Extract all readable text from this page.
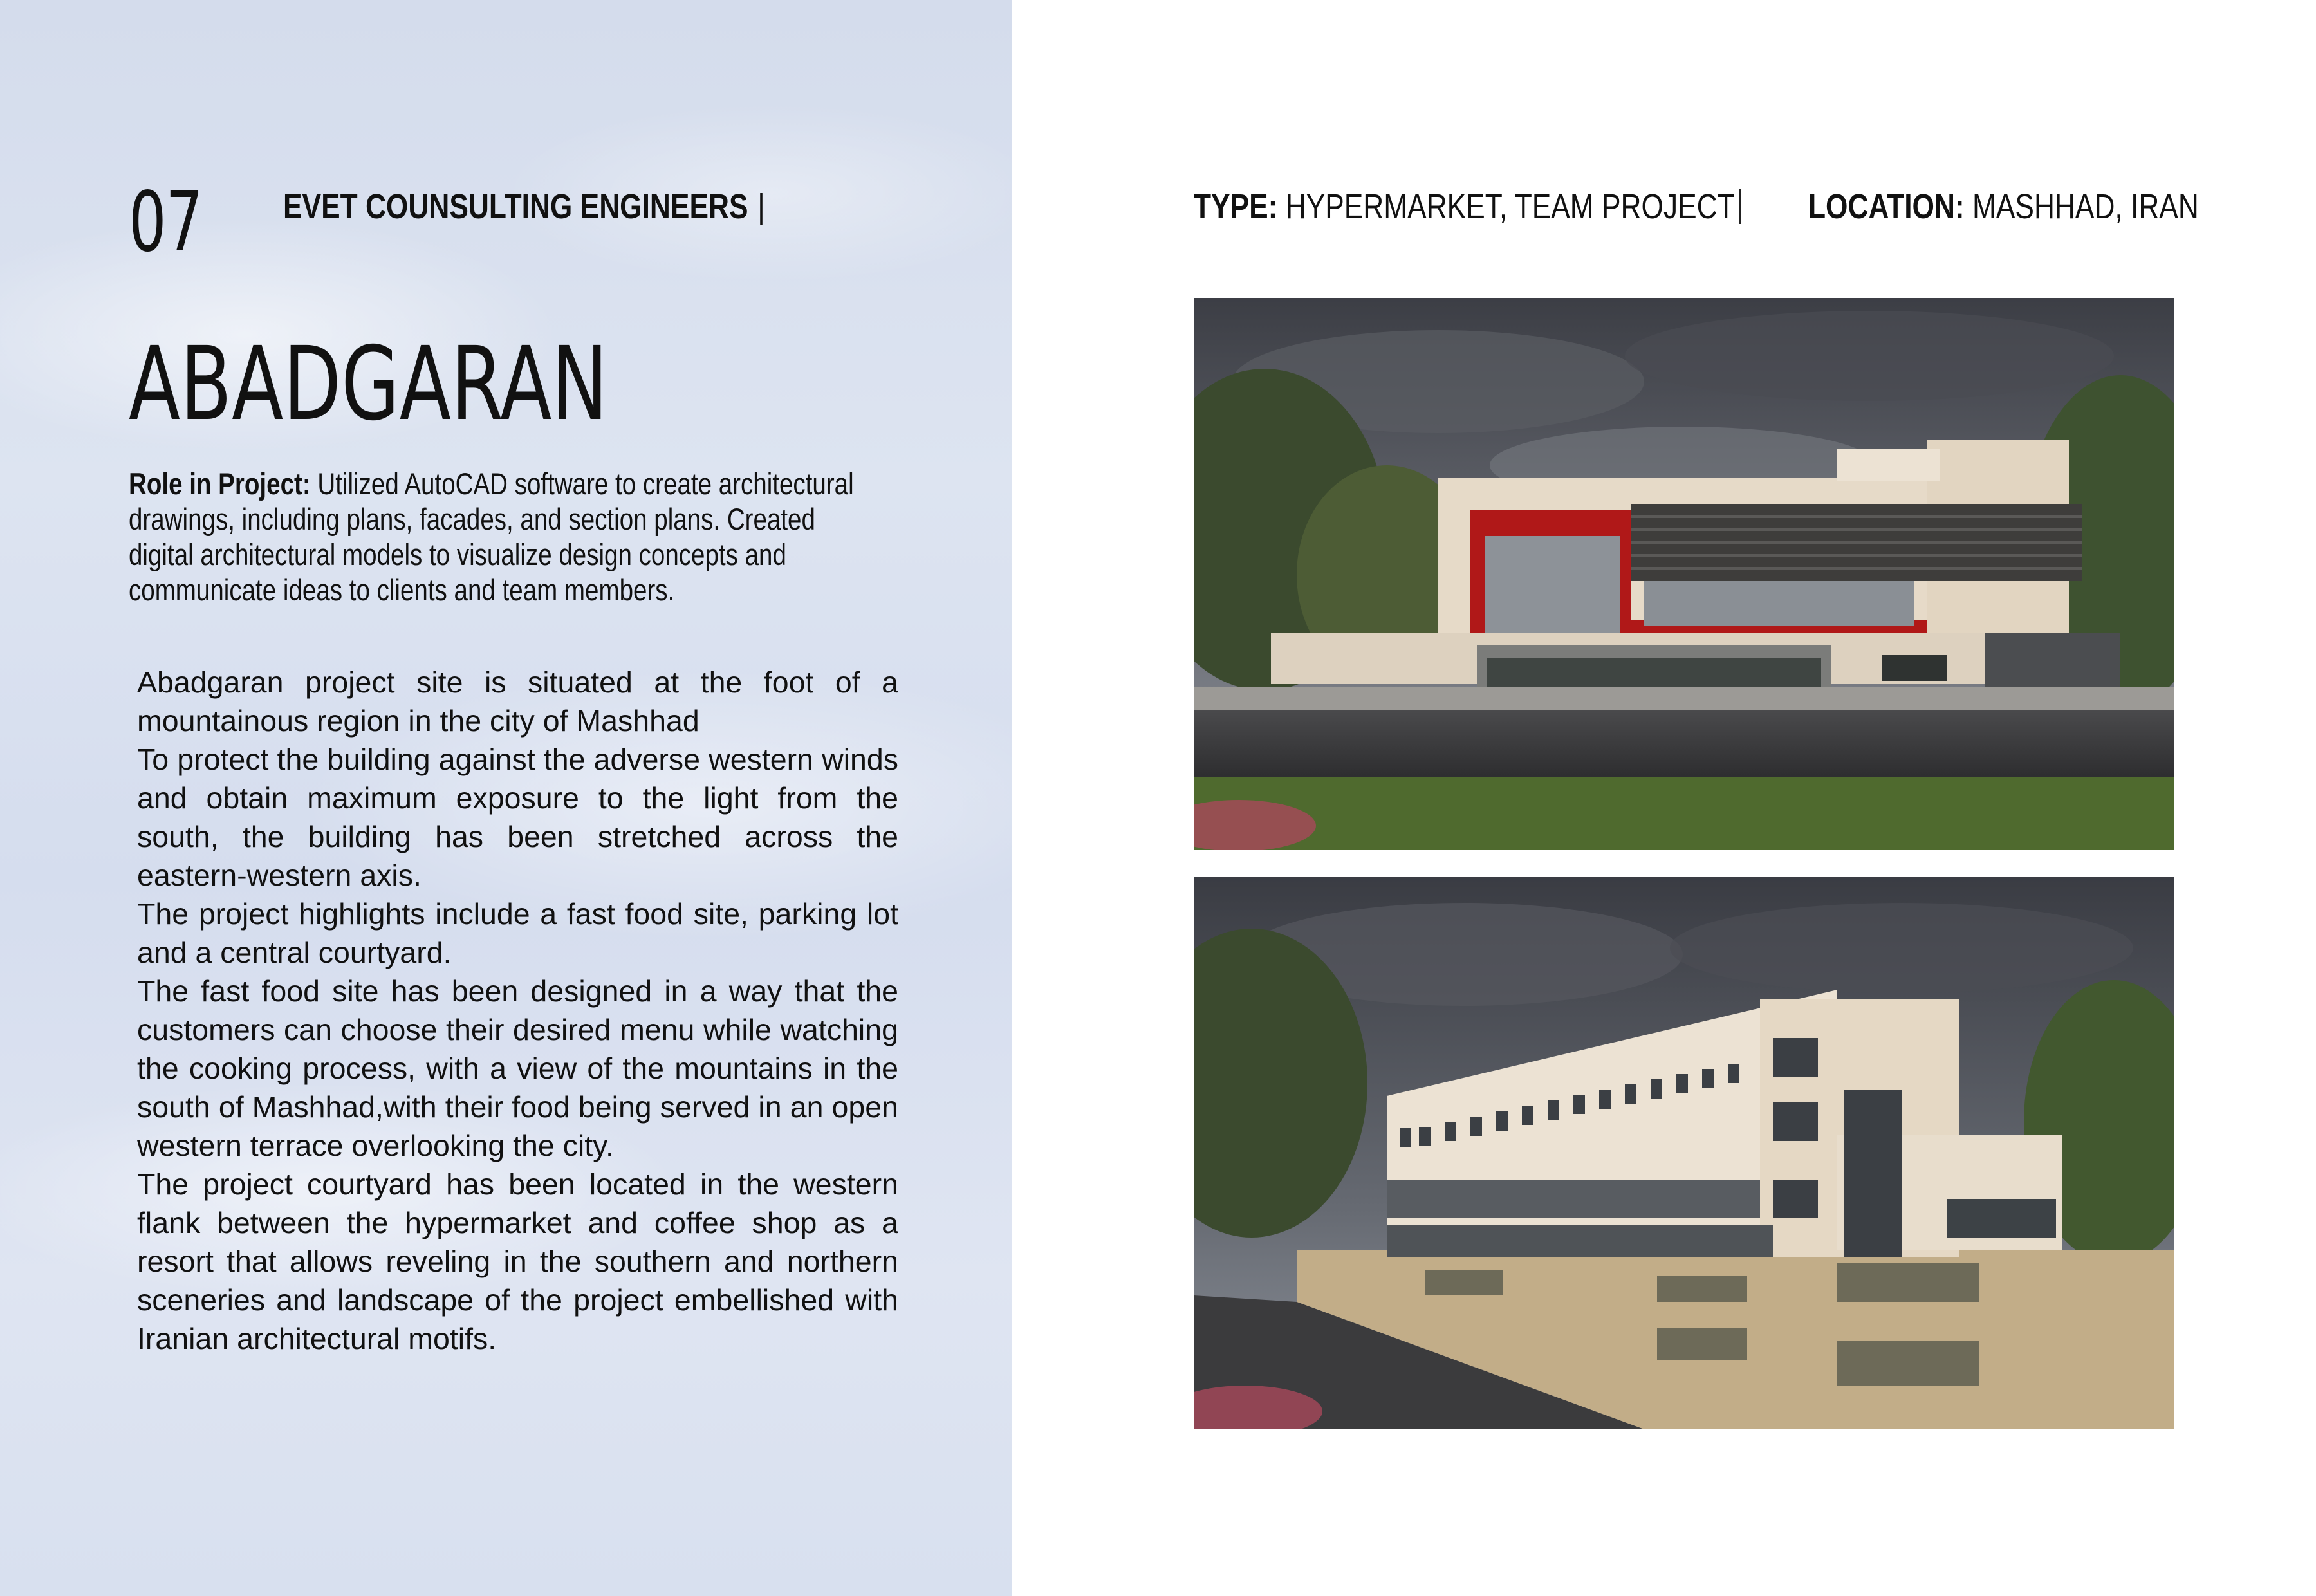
07 EVET COUNSULTING ENGINEERS |
ABADGARAN
Role in Project: Utilized AutoCAD software to create architectural drawings, including plans, facades, and section plans. Created digital architectural models to visualize design concepts and communicate ideas to clients and team members.

Abadgaran project site is situated at the foot of a mountainous region in the city of Mashhad

To protect the building against the adverse western winds and obtain maximum exposure to the light from the south, the building has been stretched across the eastern-western axis.

The project highlights include a fast food site, parking lot and a central courtyard.

The fast food site has been designed in a way that the customers can choose their desired menu while watching the cooking process, with a view of the mountains in the south of Mashhad,with their food being served in an open western terrace overlooking the city.

The project courtyard has been located in the western flank between the hypermarket and coffee shop as a resort that allows reveling in the southern and northern sceneries and landscape of the project embellished with Iranian architectural motifs.

TYPE: HYPERMARKET, TEAM PROJECT LOCATION: MASHHAD, IRAN
